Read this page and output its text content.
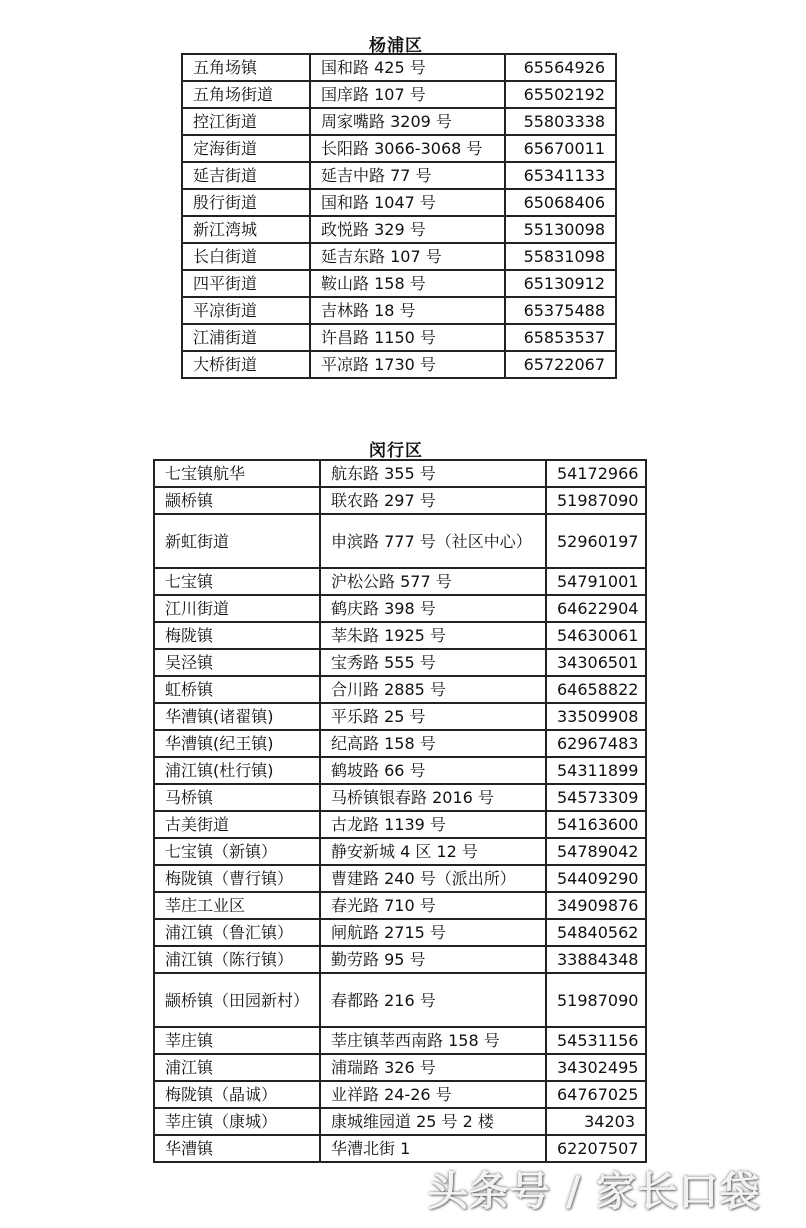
杨浦区
五角场镇	国和路 425 号	65564926
五角场街道	国庠路 107 号	65502192
控江街道	周家嘴路 3209 号	55803338
定海街道	长阳路 3066-3068 号	65670011
延吉街道	延吉中路 77 号	65341133
殷行街道	国和路 1047 号	65068406
新江湾城	政悦路 329 号	55130098
长白街道	延吉东路 107 号	55831098
四平街道	鞍山路 158 号	65130912
平凉街道	吉林路 18 号	65375488
江浦街道	许昌路 1150 号	65853537
大桥街道	平凉路 1730 号	65722067
闵行区
七宝镇航华	航东路 355 号	54172966
颛桥镇	联农路 297 号	51987090
新虹街道	申滨路 777 号（社区中心）	52960197
七宝镇	沪松公路 577 号	54791001
江川街道	鹤庆路 398 号	64622904
梅陇镇	莘朱路 1925 号	54630061
吴泾镇	宝秀路 555 号	34306501
虹桥镇	合川路 2885 号	64658822
华漕镇(诸翟镇)	平乐路 25 号	33509908
华漕镇(纪王镇)	纪高路 158 号	62967483
浦江镇(杜行镇)	鹤坡路 66 号	54311899
马桥镇	马桥镇银春路 2016 号	54573309
古美街道	古龙路 1139 号	54163600
七宝镇（新镇）	静安新城 4 区 12 号	54789042
梅陇镇（曹行镇）	曹建路 240 号（派出所）	54409290
莘庄工业区	春光路 710 号	34909876
浦江镇（鲁汇镇）	闸航路 2715 号	54840562
浦江镇（陈行镇）	勤劳路 95 号	33884348
颛桥镇（田园新村）	春都路 216 号	51987090
莘庄镇	莘庄镇莘西南路 158 号	54531156
浦江镇	浦瑞路 326 号	34302495
梅陇镇（晶诚）	业祥路 24-26 号	64767025
莘庄镇（康城）	康城维园道 25 号 2 楼	34203
华漕镇	华漕北街 1	62207507
头条号 / 家长口袋
